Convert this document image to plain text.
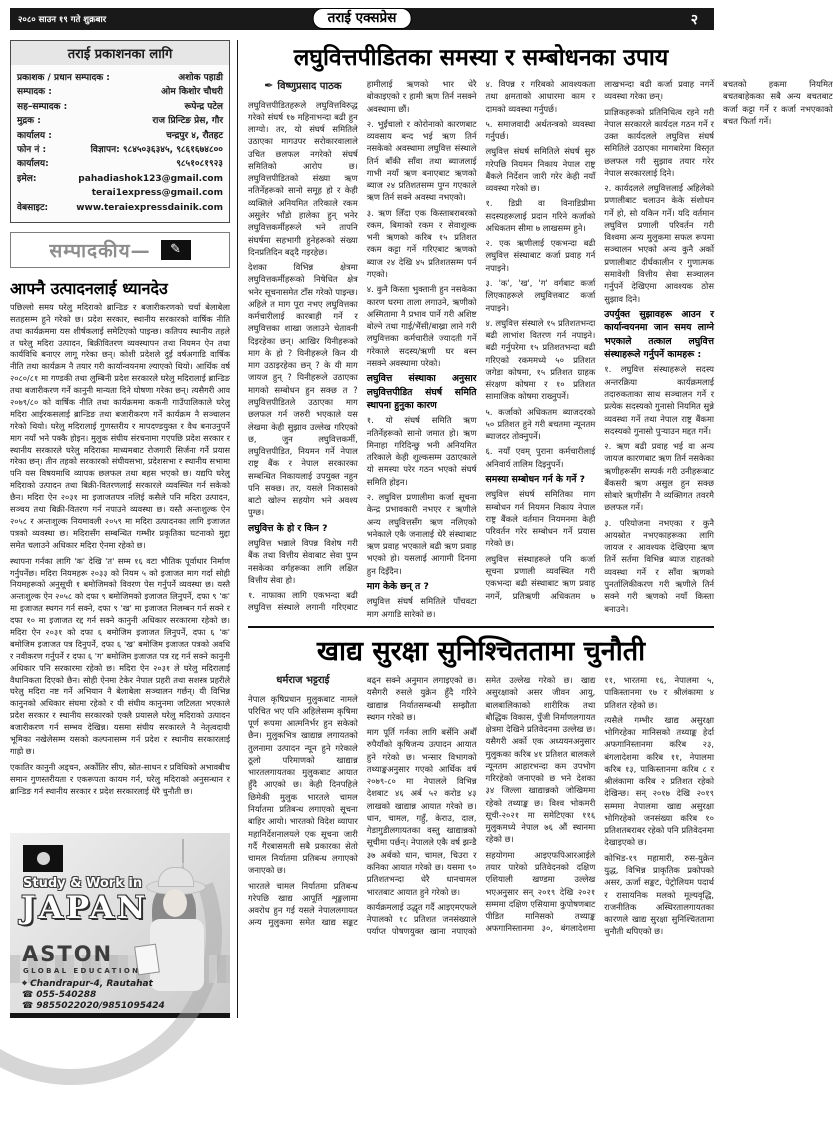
२०८० साउन १९ गते शुक्रबार	तराई एक्सप्रेस	२
तराई प्रकाशनका लागि
प्रकाशक / प्रधान सम्पादक :	अशोक पहाडी
सम्पादक :	ओम किशोर चौधरी
सह–सम्पादक :	रूपेन्द्र पटेल
मुद्रक :	राज प्रिन्टिङ प्रेस, गौर
कार्यालय :	चन्द्रपुर ४, रौतहट
फोन नं :	विज्ञापन: ९८४५०३६३४५, ९८६१६७४८००
कार्यालय:	९८५१०८१९२३
इमेल:	pahadiashok123@gmail.com
terai1express@gmail.com
वेबसाइट:	www.teraiexpressdainik.com
सम्पादकीय—	✎
आफ्नै उत्पादनलाई ध्यानदेउ

पछिल्लो समय घरेलु मदिराको ब्रान्डिङ र बजारीकरणको चर्चा बेलाबेला सतहसम्म हुने गरेको छ। प्रदेश सरकार, स्थानीय सरकारको वार्षिक नीति तथा कार्यक्रममा यस शीर्षकलाई समेटिएको पाइन्छ। कतिपय स्थानीय तहले त घरेलु मदिरा उत्पादन, बिक्रीवितरण व्यवस्थापन तथा नियमन ऐन तथा कार्यविधि बनाएर लागू गरेका छन्। कोशी प्रदेशले दुई वर्षअगाडि वार्षिक नीति तथा कार्यक्रम नै तयार गरी कार्यान्वयनमा ल्याएको थियो। आर्थिक वर्ष २०८०/८१ मा गण्डकी तथा लुम्बिनी प्रदेश सरकारले घरेलु मदिरालाई ब्रान्डिङ तथा बजारीकरण गर्ने कानुनी मान्यता दिने घोषणा गरेका छन्। त्यसैगरी आव २०७९/८० को वार्षिक नीति तथा कार्यक्रममा ककनी गाउँपालिकाले घरेलु मदिरा आईरकसलाई ब्रान्डिङ तथा बजारीकरण गर्ने कार्यक्रम नै सञ्चालन गरेको थियो। घरेलु मदिरालाई गुणस्तरीय र मापदण्डयुक्त र वैध बनाउनुपर्ने माग नयाँ भने पक्कै होइन। मुलुक संघीय संरचनामा गएपछि प्रदेश सरकार र स्थानीय सरकारले घरेलु मदिराका माध्यमबाट रोजगारी सिर्जना गर्ने प्रयास गरेका छन्। तीन तहको सरकारको संघीयसभा, प्रदेशसभा र स्थानीय सभामा पनि यस विषयमाथि व्यापक छलफल तथा बहस भएको छ। यद्यपि घरेलु मदिराको उत्पादन तथा बिक्री-वितरणलाई सरकारले व्यवस्थित गर्न सकेको छैन। मदिरा ऐन २०३१ मा इजाजतपत्र नलिई कसैले पनि मदिरा उत्पादन, सञ्चय तथा बिक्री-वितरण गर्न नपाउने व्यवस्था छ। यस्तै अन्तःशुल्क ऐन २०५८ र अन्तःशुल्क नियमावली २०५९ मा मदिरा उत्पादनका लागि इजाजत पत्रको व्यवस्था छ। मदिरासँग सम्बन्धित गम्भीर प्रकृतिका घटनाको मुद्दा समेत चलाउने अधिकार मदिरा ऐनमा रहेको छ।

स्थापना गर्नका लागि 'क' देखि 'त' सम्म १६ वटा भौतिक पूर्वाधार निर्माण गर्नुपर्नेछ। मदिरा नियमहरू २०३३ को नियम ५ को इजाजत माग गर्दा सोही नियमहरूको अनुसूची १ बमोजिमको विवरण पेस गर्नुपर्ने व्यवस्था छ। यस्तै अन्तःशुल्क ऐन २०५८ को दफा ९ बमोजिमको इजाजत लिनुपर्ने, दफा ९ 'क' मा इजाजत स्थगन गर्न सक्ने, दफा ९ 'ख' मा इजाजत निलम्बन गर्न सक्ने र दफा १० मा इजाजत रद्द गर्न सक्ने कानुनी अधिकार सरकारमा रहेको छ। मदिरा ऐन २०३१ को दफा ६ बमोजिम इजाजत लिनुपर्ने, दफा ६ 'क' बमोजिम इजाजत पत्र दिनुपर्ने, दफा ६ 'ख' बमोजिम इजाजत पत्रको अवधि र नवीकरण गर्नुपर्ने र दफा ६ 'ग' बमोजिम इजाजत पत्र रद्द गर्न सक्ने कानुनी अधिकार पनि सरकारमा रहेको छ। मदिरा ऐन २०३१ ले घरेलु मदिरालाई वैधानिकता दिएको छैन। सोही ऐनमा टेकेर नेपाल प्रहरी तथा सशस्त्र प्रहरीले घरेलु मदिरा नष्ट गर्ने अभियान नै बेलाबेला सञ्चालन गर्छन्। यी विभिन्न कानुनको अधिकार संघमा रहेको र यी संघीय कानुनमा जटिलता भएकाले प्रदेश सरकार र स्थानीय सरकारको एक्लै प्रयासले घरेलु मदिराको उत्पादन बजारीकरण गर्न सम्भव देखिन्न। यसमा संघीय सरकारले नै नेतृत्वदायी भूमिका नखेलेसम्म यसको कल्पनासम्म गर्न प्रदेश र स्थानीय सरकारलाई गाह्रो छ।

एकातिर कानुनी अड्चन, अर्कोतिर सीप, स्रोत-साधन र प्रविधिको अभावबीच समान गुणस्तरीयता र एकरूपता कायम गर्न, घरेलु मदिराको अनुसन्धान र ब्रान्डिङ गर्न स्थानीय सरकार र प्रदेश सरकारलाई धेरै चुनौती छ।

Study & Work in
JAPAN
ASTON
GLOBAL EDUCATION
⌖ Chandrapur-4, Rautahat
☎ 055-540288
☎ 9855022020/9851095424
लघुवित्तपीडितका समस्या र सम्बोधनका उपाय
✒ विष्णुप्रसाद पाठक

लघुवित्तपीडितहरूले लघुवित्तविरुद्ध गरेको संघर्ष १७ महिनाभन्दा बढी हुन लाग्यो। तर, यो संघर्ष समितिले उठाएका मागउपर सरोकारवालाले उचित छलफल नगरेको संघर्ष समितिको आरोप छ। लघुवित्तपीडितको संख्या ऋण नतिर्नेहरूको सानो समूह हो र केही व्यक्तिले अनियमित तरिकाले रकम असुलेर भाँडो हालेका हुन् भनेर लघुवित्तकर्मीहरूले भने तापनि संघर्षमा सहभागी हुनेहरूको संख्या दिनप्रतिदिन बढ्दै गइरहेछ।

देशका विभिन्न क्षेत्रमा लघुवित्तकर्मीहरूको निषेधित क्षेत्र भनेर सूचनासमेत टाँस गरेको पाइन्छ। अहिले त माग पूरा नभए लघुवित्तका कर्मचारीलाई कारबाही गर्ने र लघुवित्तका शाखा जलाउने चेतावनी दिइरहेका छन्। आखिर यिनीहरूको माग के हो ? यिनीहरूले किन यी माग उठाइरहेका छन् ? के यी माग जायज हुन् ? यिनीहरूले उठाएका मागको सम्बोधन हुन सक्छ त ? लघुवित्तपीडितले उठाएका माग छलफल गर्न जरुरी भएकाले यस लेखमा केही सुझाव उल्लेख गरिएको छ, जुन लघुवित्तकर्मी, लघुवित्तपीडित, नियमन गर्ने नेपाल राष्ट्र बैंक र नेपाल सरकारका सम्बन्धित निकायलाई उपयुक्त नहुन पनि सक्छ। तर, यसले निकासको बाटो खोल्न सहयोग भने अवश्य पुग्छ।

लघुवित्त के हो र किन ?

लघुवित्त भन्नाले विपन्न विशेष गरी बैंक तथा वित्तीय सेवाबाट सेवा पुग्न नसकेका वर्गहरूका लागि लक्षित वित्तीय सेवा हो।

१. नाफाका लागि एकभन्दा बढी लघुवित्त संस्थाले लगानी गरिएबाट हामीलाई ऋणको भार धेरै बोकाइएको र हामी ऋण तिर्न नसक्ने अवस्थामा छौं।

२. भुईंचालो र कोरोनाको कारणबाट व्यवसाय बन्द भई ऋण तिर्न नसकेको अवस्थामा लघुवित्त संस्थाले तिर्न बाँकी साँवा तथा ब्याजलाई गाभी नयाँ ऋण बनाएबाट ऋणको ब्याज २४ प्रतिशतसम्म पुग्न गएकाले ऋण तिर्न सक्ने अवस्था नभएको।

३. ऋण लिँदा एक किस्ताबराबरको रकम, बिमाको रकम र सेवाशुल्क भनी ऋणको करिब १५ प्रतिशत रकम कट्टा गर्ने गरिएबाट ऋणको ब्याज २४ देखि ४५ प्रतिशतसम्म पर्न गएको।

४. कुनै किस्ता भुक्तानी हुन नसकेका कारण घरमा ताला लगाउने, ऋणीको अस्मितामा नै प्रभाव पार्ने गरी अशिष्ट बोल्ने तथा गाई/भैंसी/बाख्रा लाने गरी लघुवित्तका कर्मचारीले ज्यादती गर्ने गरेकाले सदस्य/ऋणी घर बस्न नसक्ने अवस्थामा परेको।

लघुवित्त संस्थाका अनुसार लघुवित्तपीडित संघर्ष समिति स्थापना हुनुका कारण

१. यो संघर्ष समिति ऋण नतिर्नेहरूको सानो जमात हो। ऋण मिनाहा गरिदिन्छु भनी अनियमित तरिकाले केही शुल्कसम्म उठाएकाले यो समस्या परेर गठन भएको संघर्ष समिति होइन।

२. लघुवित्त प्रणालीमा कर्जा सूचना केन्द्र प्रभावकारी नभएर र ऋणीले अन्य लघुवित्तसँग ऋण नलिएको भनेकाले एकै जनालाई धेरै संस्थाबाट ऋण प्रवाह भएकाले बढी ऋण प्रवाह भएको हो। यसलाई आगामी दिनमा हुन दिइँदैन।

माग केके छन् त ?

लघुवित्त संघर्ष समितिले पाँचवटा माग अगाडि सारेको छ।

४. विपन्न र गरिबको आवश्यकता तथा क्षमताको आधारमा काम र दामको व्यवस्था गर्नुपर्छ।

५. समाजवादी अर्थतन्त्रको व्यवस्था गर्नुपर्छ।

लघुवित्त संघर्ष समितिले संघर्ष सुरु गरेपछि नियमन निकाय नेपाल राष्ट्र बैंकले निर्देशन जारी गरेर केही नयाँ व्यवस्था गरेको छ।

१. डिप्री वा विनाडिप्रीमा सदस्यहरूलाई प्रदान गरिने कर्जाको अधिकतम सीमा ७ लाखसम्म हुने।

२. एक ऋणीलाई एकभन्दा बढी लघुवित्त संस्थाबाट कर्जा प्रवाह गर्न नपाइने।

३. 'क', 'ख', 'ग' वर्गबाट कर्जा लिएकाहरूले लघुवित्तबाट कर्जा नपाइने।

४. लघुवित्त संस्थाले १५ प्रतिशतभन्दा बढी लाभांश वितरण गर्न नपाइने। बढी गर्नुपरेमा १५ प्रतिशतभन्दा बढी गरिएको रकममध्ये ५० प्रतिशत जगेडा कोषमा, १५ प्रतिशत ग्राहक संरक्षण कोषमा र १० प्रतिशत सामाजिक कोषमा राख्नुपर्ने।

५. कर्जाको अधिकतम ब्याजदरको ५० प्रतिशत हुने गरी बचतमा न्यूनतम ब्याजदर तोक्नुपर्ने।

६. नयाँ एवम् पुराना कर्मचारीलाई अनिवार्य तालिम दिइनुपर्ने।

समस्या सम्बोधन गर्न के गर्ने ?

लघुवित्त संघर्ष समितिका माग सम्बोधन गर्न नियमन निकाय नेपाल राष्ट्र बैंकले वर्तमान नियमनमा केही परिवर्तन गरेर सम्बोधन गर्ने प्रयास गरेको छ।

लघुवित्त संस्थाहरूले पनि कर्जा सूचना प्रणाली व्यवस्थित गरी एकभन्दा बढी संस्थाबाट ऋण प्रवाह नगर्ने, प्रतिऋणी अधिकतम ७ लाखभन्दा बढी कर्जा प्रवाह नगर्ने व्यवस्था गरेका छन्।

प्राज्ञिकहरूको प्रतिनिधित्व रहने गरी नेपाल सरकारले कार्यदल गठन गर्ने र उक्त कार्यदलले लघुवित्त संघर्ष समितिले उठाएका मागबारेमा विस्तृत छलफल गरी सुझाव तयार गरेर नेपाल सरकारलाई दिने।

२. कार्यदलले लघुवित्तलाई अहिलेको प्रणालीबाट चलाउन केके संशोधन गर्ने हो, सो यकिन गर्ने। यदि वर्तमान लघुवित्त प्रणाली परिवर्तन गरी विश्वमा अन्य मुलुकमा सफल रूपमा सञ्चालन भएको अन्य कुनै अर्को प्रणालीबाट दीर्घकालीन र गुणात्मक समावेशी वित्तीय सेवा सञ्चालन गर्नुपर्ने देखिएमा आवश्यक ठोस सुझाव दिने।

उपर्युक्त सुझावहरू आउन र कार्यान्वयनमा जान समय लाग्ने भएकाले तत्काल लघुवित्त संस्थाहरूले गर्नुपर्ने कामहरू :

१. लघुवित्त संस्थाहरूले सदस्य अन्तरक्रिया कार्यक्रमलाई तदारुकताका साथ सञ्चालन गर्ने र प्रत्येक सदस्यको गुनासो नियमित सुन्ने व्यवस्था गर्ने तथा नेपाल राष्ट्र बैंकमा सदस्यको गुनासो पुऱ्याउन मद्दत गर्ने।

२. ऋण बढी प्रवाह भई वा अन्य जायज कारणबाट ऋण तिर्न नसकेका ऋणीहरूसँग सम्पर्क गरी उनीहरूबाट बैंकसरी ऋण असुल हुन सक्छ सोबारे ऋणीसँग नै व्यक्तिगत तवरमै छलफल गर्ने।

३. परियोजना नभएका र कुनै आयस्रोत नभएकाहरूका लागि जायज र आवश्यक देखिएमा ऋण तिर्ने सर्तमा विभिन्न ब्याज राहतको व्यवस्था गर्ने र साँवा ऋणको पुनर्तालिकीकरण गरी ऋणीले तिर्न सक्ने गरी ऋणको नयाँ किस्ता बनाउने।

बचतको हकमा नियमित बचतबाहेकका सबै अन्य बचतबाट कर्जा कट्टा गर्ने र कर्जा नभएकाको बचत फिर्ता गर्ने।

खाद्य सुरक्षा सुनिश्चिततामा चुनौती
धर्मराज भट्टराई

नेपाल कृषिप्रधान मुलुकबाट नामले परिचित भए पनि अहिलेसम्म कृषिमा पूर्ण रूपमा आत्मनिर्भर हुन सकेको छैन। मुलुकभित्र खाद्यान्न लगायतको तुलनामा उत्पादन न्यून हुने गरेकाले ठूलो परिमाणको खाद्यान्न भारतलगायतका मुलुकबाट आयात हुँदै आएको छ। केही दिनपहिले छिमेकी मुलुक भारतले चामल निर्यातमा प्रतिबन्ध लगाएको सूचना बाहिर आयो। भारतको विदेश व्यापार महानिर्देशनालयले एक सूचना जारी गर्दै गैरबासमती सबै प्रकारका सेतो चामल निर्यातमा प्रतिबन्ध लगाएको जनाएको छ।

भारतले चामल निर्यातमा प्रतिबन्ध गरेपछि खाद्य आपूर्ति शृङ्खलामा अवरोध हुन गई यसले नेपाललगायत अन्य मुलुकमा समेत खाद्य सङ्कट बढ्न सक्ने अनुमान लगाइएको छ। यसैगरी रुसले युक्रेन हुँदै गरिने खाद्यान्न निर्यातसम्बन्धी सम्झौता स्थगन गरेको छ।

माग पूर्ति गर्नका लागि बर्सेनि अर्बौं रुपैयाँको कृषिजन्य उत्पादन आयात हुने गरेको छ। भन्सार विभागको तथ्याङ्कअनुसार गएको आर्थिक वर्ष २०७९-८० मा नेपालले विभिन्न देशबाट ४६ अर्ब ५२ करोड ४३ लाखको खाद्यान्न आयात गरेको छ। धान, चामल, गहुँ, केराउ, दाल, गेडागुडीलगायतका वस्तु खाद्यान्नको सूचीमा पर्छन्। नेपालले एकै वर्ष झन्डै ३७ अर्बको धान, चामल, चिउरा र कनिका आयात गरेको छ। यसमा ९० प्रतिशतभन्दा धेरै धानचामल भारतबाट आयात हुने गरेको छ।

कार्यक्रमलाई उद्धृत गर्दै आइएमएफले नेपालको १८ प्रतिशत जनसंख्याले पर्याप्त पोषणयुक्त खाना नपाएको समेत उल्लेख गरेको छ। खाद्य असुरक्षाको असर जीवन आयु, बालबालिकाको शारीरिक तथा बौद्धिक विकास, पुँजी निर्माणलगायत क्षेत्रमा देखिने प्रतिवेदनमा उल्लेख छ। यसैगरी अर्को एक अध्ययनअनुसार मुलुकका करिब ४१ प्रतिशत बालकले न्यूनतम आहारभन्दा कम उपभोग गरिरहेको जनाएको छ भने देशका ३४ जिल्ला खाद्यान्नको जोखिममा रहेको तथ्याङ्क छ। विश्व भोकमरी सूची-२०२१ मा समेटिएका ११६ मुलुकमध्ये नेपाल ७६ औं स्थानमा रहेको छ।

सहयोगमा आइएफपिआरआईले तयार पारेको प्रतिवेदनको दक्षिण एशियाली खण्डमा उल्लेख भएअनुसार सन् २०१९ देखि २०२१ सम्ममा दक्षिण एसियामा कुपोषणबाट पीडित मानिसको तथ्याङ्क अफगानिस्तानमा ३०, बंगलादेशमा ११, भारतमा १६, नेपालमा ५, पाकिस्तानमा १७ र श्रीलंकामा ४ प्रतिशत रहेको छ।

त्यसैले गम्भीर खाद्य असुरक्षा भोगिरहेका मानिसको तथ्याङ्क हेर्दा अफगानिस्तानमा करिब २३, बंगलादेशमा करिब ११, नेपालमा करिब १३, पाकिस्तानमा करिब ८ र श्रीलंकामा करिब २ प्रतिशत रहेको देखिन्छ। सन् २०१७ देखि २०१९ सम्ममा नेपालमा खाद्य असुरक्षा भोगिरहेको जनसंख्या करिब १० प्रतिशतबराबर रहेको पनि प्रतिवेदनमा देखाइएको छ।

कोभिड-१९ महामारी, रुस-युक्रेन युद्ध, विभिन्न प्राकृतिक प्रकोपको असर, ऊर्जा सङ्कट, पेट्रोलियम पदार्थ र रासायनिक मलको मूल्यवृद्धि, राजनीतिक अस्थिरतालगायतका कारणले खाद्य सुरक्षा सुनिश्चिततामा चुनौती थपिएको छ।
